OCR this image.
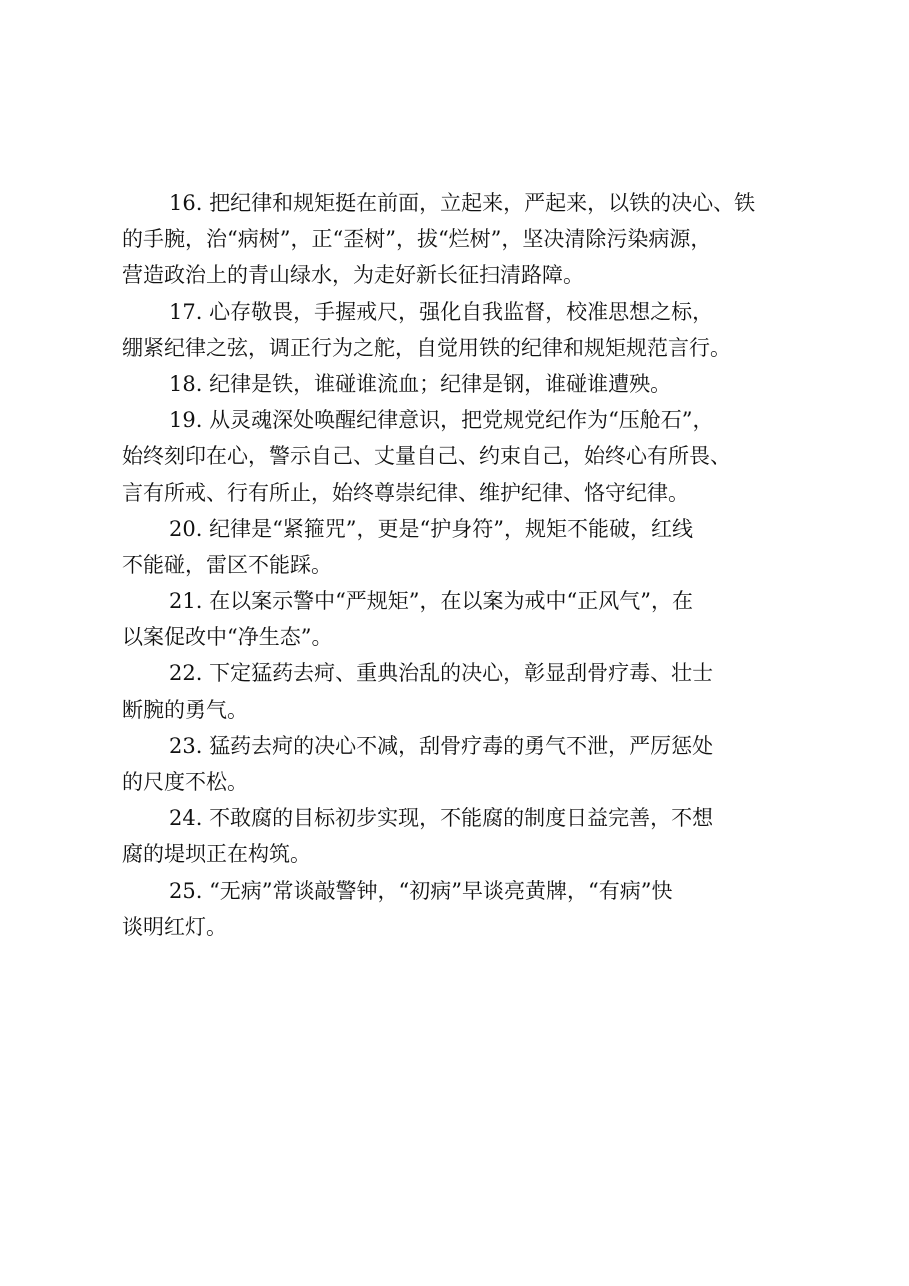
16. 把纪律和规矩挺在前面，立起来，严起来，以铁的决心、铁
的手腕，治“病树”，正“歪树”，拔“烂树”，坚决清除污染病源，
营造政治上的青山绿水，为走好新长征扫清路障。
17. 心存敬畏，手握戒尺，强化自我监督，校准思想之标，
绷紧纪律之弦，调正行为之舵，自觉用铁的纪律和规矩规范言行。
18. 纪律是铁，谁碰谁流血；纪律是钢，谁碰谁遭殃。
19. 从灵魂深处唤醒纪律意识，把党规党纪作为“压舱石”，
始终刻印在心，警示自己、丈量自己、约束自己，始终心有所畏、
言有所戒、行有所止，始终尊崇纪律、维护纪律、恪守纪律。
20. 纪律是“紧箍咒”，更是“护身符”，规矩不能破，红线
不能碰，雷区不能踩。
21. 在以案示警中“严规矩”，在以案为戒中“正风气”，在
以案促改中“净生态”。
22. 下定猛药去疴、重典治乱的决心，彰显刮骨疗毒、壮士
断腕的勇气。
23. 猛药去疴的决心不减，刮骨疗毒的勇气不泄，严厉惩处
的尺度不松。
24. 不敢腐的目标初步实现，不能腐的制度日益完善，不想
腐的堤坝正在构筑。
25. “无病”常谈敲警钟，“初病”早谈亮黄牌，“有病”快
谈明红灯。
